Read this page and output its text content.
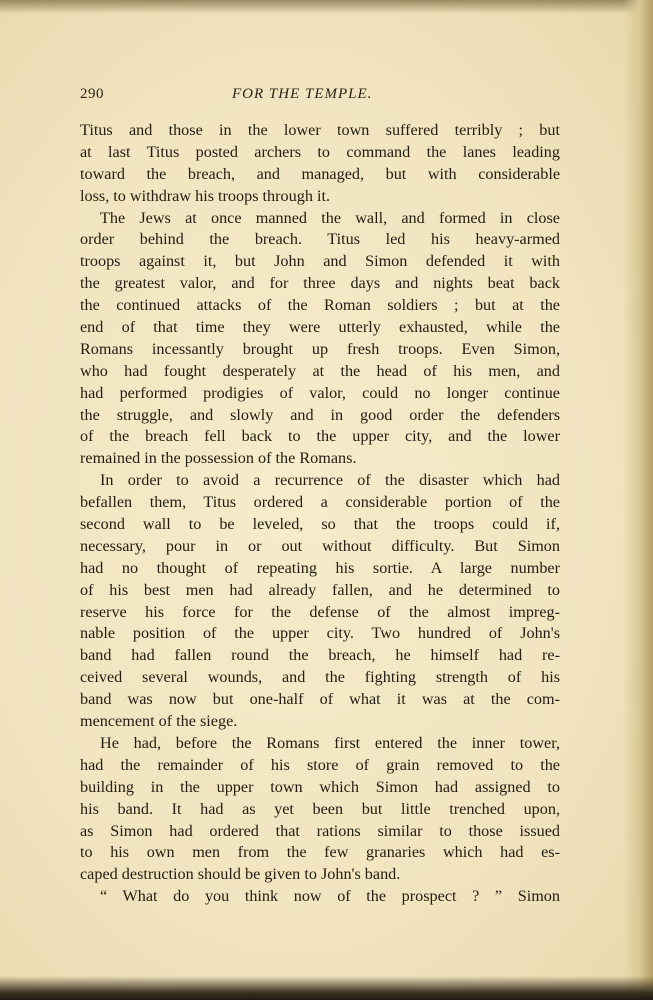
290	FOR THE TEMPLE.
Titus and those in the lower town suffered terribly ; but
at last Titus posted archers to command the lanes leading
toward the breach, and managed, but with considerable
loss, to withdraw his troops through it.
The Jews at once manned the wall, and formed in close
order behind the breach. Titus led his heavy-armed
troops against it, but John and Simon defended it with
the greatest valor, and for three days and nights beat back
the continued attacks of the Roman soldiers ; but at the
end of that time they were utterly exhausted, while the
Romans incessantly brought up fresh troops. Even Simon,
who had fought desperately at the head of his men, and
had performed prodigies of valor, could no longer continue
the struggle, and slowly and in good order the defenders
of the breach fell back to the upper city, and the lower
remained in the possession of the Romans.
In order to avoid a recurrence of the disaster which had
befallen them, Titus ordered a considerable portion of the
second wall to be leveled, so that the troops could if,
necessary, pour in or out without difficulty. But Simon
had no thought of repeating his sortie. A large number
of his best men had already fallen, and he determined to
reserve his force for the defense of the almost impreg-
nable position of the upper city. Two hundred of John's
band had fallen round the breach, he himself had re-
ceived several wounds, and the fighting strength of his
band was now but one-half of what it was at the com-
mencement of the siege.
He had, before the Romans first entered the inner tower,
had the remainder of his store of grain removed to the
building in the upper town which Simon had assigned to
his band. It had as yet been but little trenched upon,
as Simon had ordered that rations similar to those issued
to his own men from the few granaries which had es-
caped destruction should be given to John's band.
“ What do you think now of the prospect ? ” Simon
